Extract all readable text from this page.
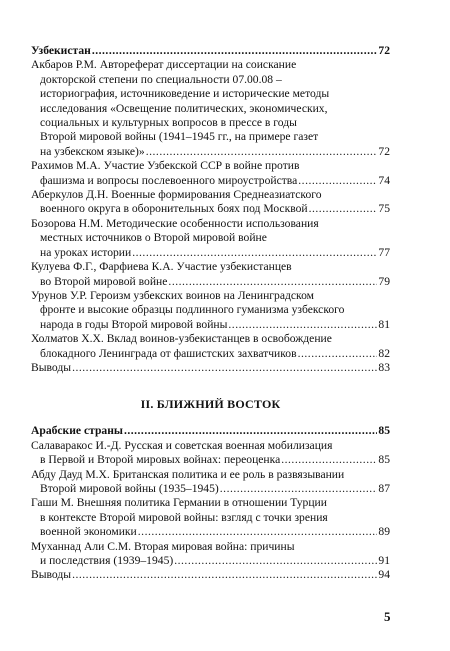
Узбекистан .....	72
Акбаров Р.М. Автореферат диссертации на соискание
докторской степени по специальности 07.00.08 –
историография, источниковедение и исторические методы
исследования «Освещение политических, экономических,
социальных и культурных вопросов в прессе в годы
Второй мировой войны (1941–1945 гг., на примере газет
на узбекском языке)» .....	72
Рахимов М.А. Участие Узбекской ССР в войне против
фашизма и вопросы послевоенного мироустройства .....	74
Аберкулов Д.Н. Военные формирования Среднеазиатского
военного округа в оборонительных боях под Москвой .....	75
Бозорова Н.М. Методические особенности использования
местных источников о Второй мировой войне
на уроках истории .....	77
Кулуева Ф.Г., Фарфиева К.А. Участие узбекистанцев
во Второй мировой войне .....	79
Урунов У.Р. Героизм узбекских воинов на Ленинградском
фронте и высокие образцы подлинного гуманизма узбекского
народа в годы Второй мировой войны .....	81
Холматов Х.Х. Вклад воинов-узбекистанцев в освобождение
блокадного Ленинграда от фашистских захватчиков .....	82
Выводы .....	83
II. БЛИЖНИЙ ВОСТОК
Арабские страны .....	85
Салаваракос И.-Д. Русская и советская военная мобилизация
в Первой и Второй мировых войнах: переоценка .....	85
Абду Дауд М.Х. Британская политика и ее роль в развязывании
Второй мировой войны (1935–1945) .....	87
Гаши М. Внешняя политика Германии в отношении Турции
в контексте Второй мировой войны: взгляд с точки зрения
военной экономики .....	89
Муханнад Али С.М. Вторая мировая война: причины
и последствия (1939–1945) .....	91
Выводы .....	94
5
